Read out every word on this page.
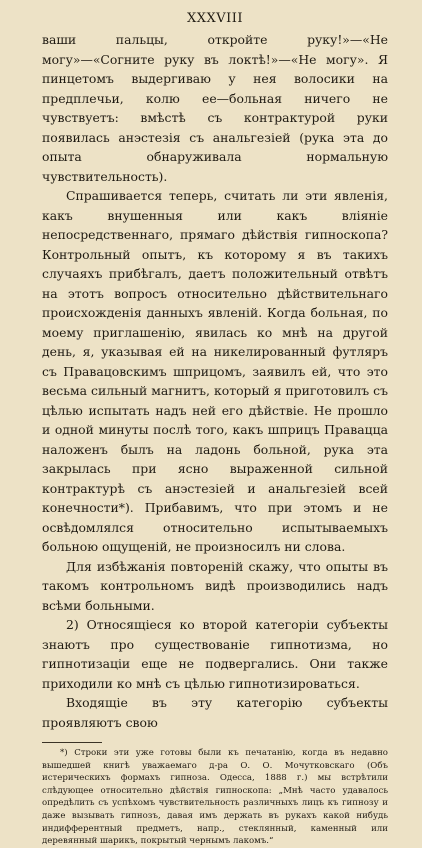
XXXVIII

ваши пальцы, откройте руку!»—«Не могу»—«Согните руку въ локтѣ!»—«Не могу». Я пинцетомъ выдергиваю у нея волосики на предплечьи, колю ее—больная ничего не чувствуетъ: вмѣстѣ съ контрактурой руки появилась анэстезія съ анальгезіей (рука эта до опыта обнаруживала нормальную чувствительность).

Спрашивается теперь, считать ли эти явленія, какъ внушенныя или какъ вліяніе непосредственнаго, прямаго дѣйствія гипноскопа? Контрольный опытъ, къ которому я въ такихъ случаяхъ прибѣгалъ, даетъ положительный отвѣтъ на этотъ вопросъ относительно дѣйствительнаго происхожденія данныхъ явленій. Когда больная, по моему приглашенію, явилась ко мнѣ на другой день, я, указывая ей на никелированный футляръ съ Правацовскимъ шприцомъ, заявилъ ей, что это весьма сильный магнитъ, который я приготовилъ съ цѣлью испытать надъ ней его дѣйствіе. Не прошло и одной минуты послѣ того, какъ шприцъ Правацца наложенъ былъ на ладонь больной, рука эта закрылась при ясно выраженной сильной контрактурѣ съ анэстезіей и анальгезіей всей конечности*). Прибавимъ, что при этомъ и не освѣдомлялся относительно испытываемыхъ больною ощущеній, не произносилъ ни слова.

Для избѣжанія повтореній скажу, что опыты въ такомъ контрольномъ видѣ производились надъ всѣми больными.

2) Относящіеся ко второй категоріи субъекты знаютъ про существованіе гипнотизма, но гипнотизаціи еще не подвергались. Они также приходили ко мнѣ съ цѣлью гипнотизироваться.

Входящіе въ эту категорію субъекты проявляютъ свою

*) Строки эти уже готовы были къ печатанію, когда въ недавно вышедшей книгѣ уважаемаго д-ра О. О. Мочутковскаго (Объ истерическихъ формахъ гипноза. Одесса, 1888 г.) мы встрѣтили слѣдующее относительно дѣйствія гипноскопа: „Мнѣ часто удавалось опредѣлить съ успѣхомъ чувствительность различныхъ лицъ къ гипнозу и даже вызывать гипнозъ, давая имъ держать въ рукахъ какой нибудь индифферентный предметъ, напр., стеклянный, каменный или деревянный шарикъ, покрытый чернымъ лакомъ.“
